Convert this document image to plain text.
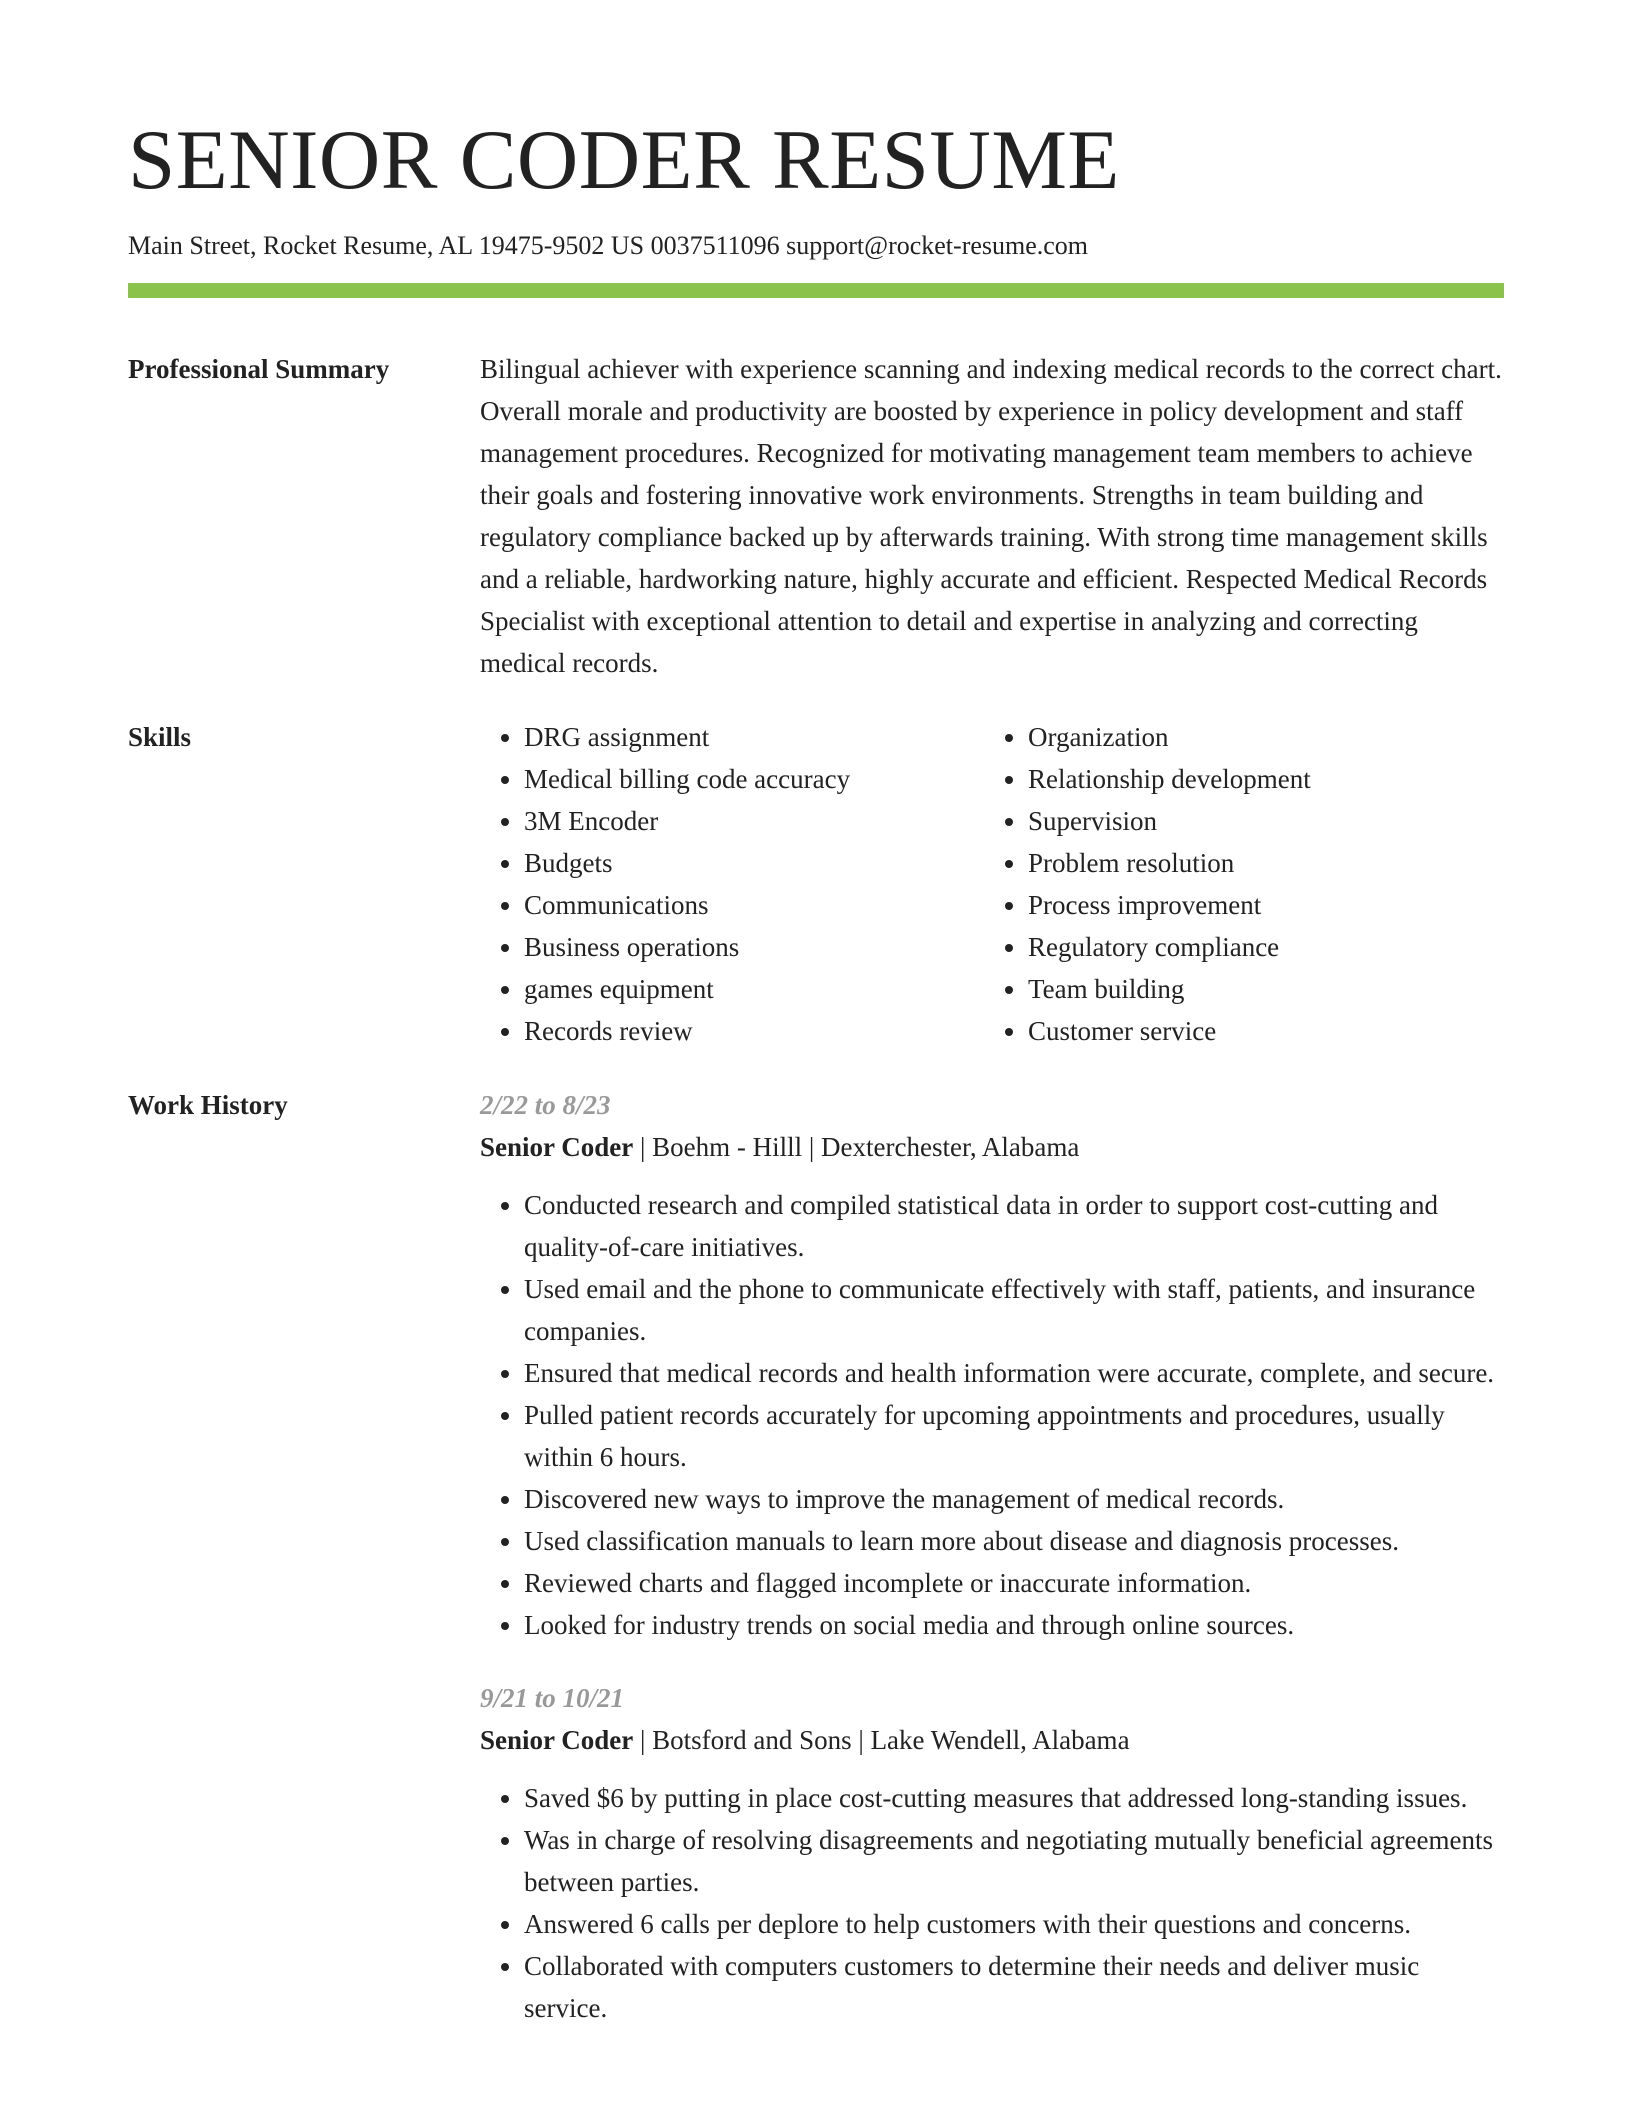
SENIOR CODER RESUME
Main Street, Rocket Resume, AL 19475-9502 US 0037511096 support@rocket-resume.com
Professional Summary	Bilingual achiever with experience scanning and indexing medical records to the correct chart. Overall morale and productivity are boosted by experience in policy development and staff management procedures. Recognized for motivating management team members to achieve their goals and fostering innovative work environments. Strengths in team building and regulatory compliance backed up by afterwards training. With strong time management skills and a reliable, hardworking nature, highly accurate and efficient. Respected Medical Records Specialist with exceptional attention to detail and expertise in analyzing and correcting medical records.

Skills
•	DRG assignment
• Medical billing code accuracy
• 3M Encoder
• Budgets
• Communications
• Business operations
• games equipment
• Records review
• Organization
• Relationship development
• Supervision
• Problem resolution
• Process improvement
• Regulatory compliance
• Team building
• Customer service
Work History	2/22 to 8/23
Senior Coder | Boehm - Hilll | Dexterchester, Alabama
• Conducted research and compiled statistical data in order to support cost-cutting and quality-of-care initiatives.
• Used email and the phone to communicate effectively with staff, patients, and insurance companies.
• Ensured that medical records and health information were accurate, complete, and secure.
• Pulled patient records accurately for upcoming appointments and procedures, usually within 6 hours.
• Discovered new ways to improve the management of medical records.
• Used classification manuals to learn more about disease and diagnosis processes.
• Reviewed charts and flagged incomplete or inaccurate information.
• Looked for industry trends on social media and through online sources.
9/21 to 10/21
Senior Coder | Botsford and Sons | Lake Wendell, Alabama
• Saved $6 by putting in place cost-cutting measures that addressed long-standing issues.
• Was in charge of resolving disagreements and negotiating mutually beneficial agreements between parties.
• Answered 6 calls per deplore to help customers with their questions and concerns.
• Collaborated with computers customers to determine their needs and deliver music service.
